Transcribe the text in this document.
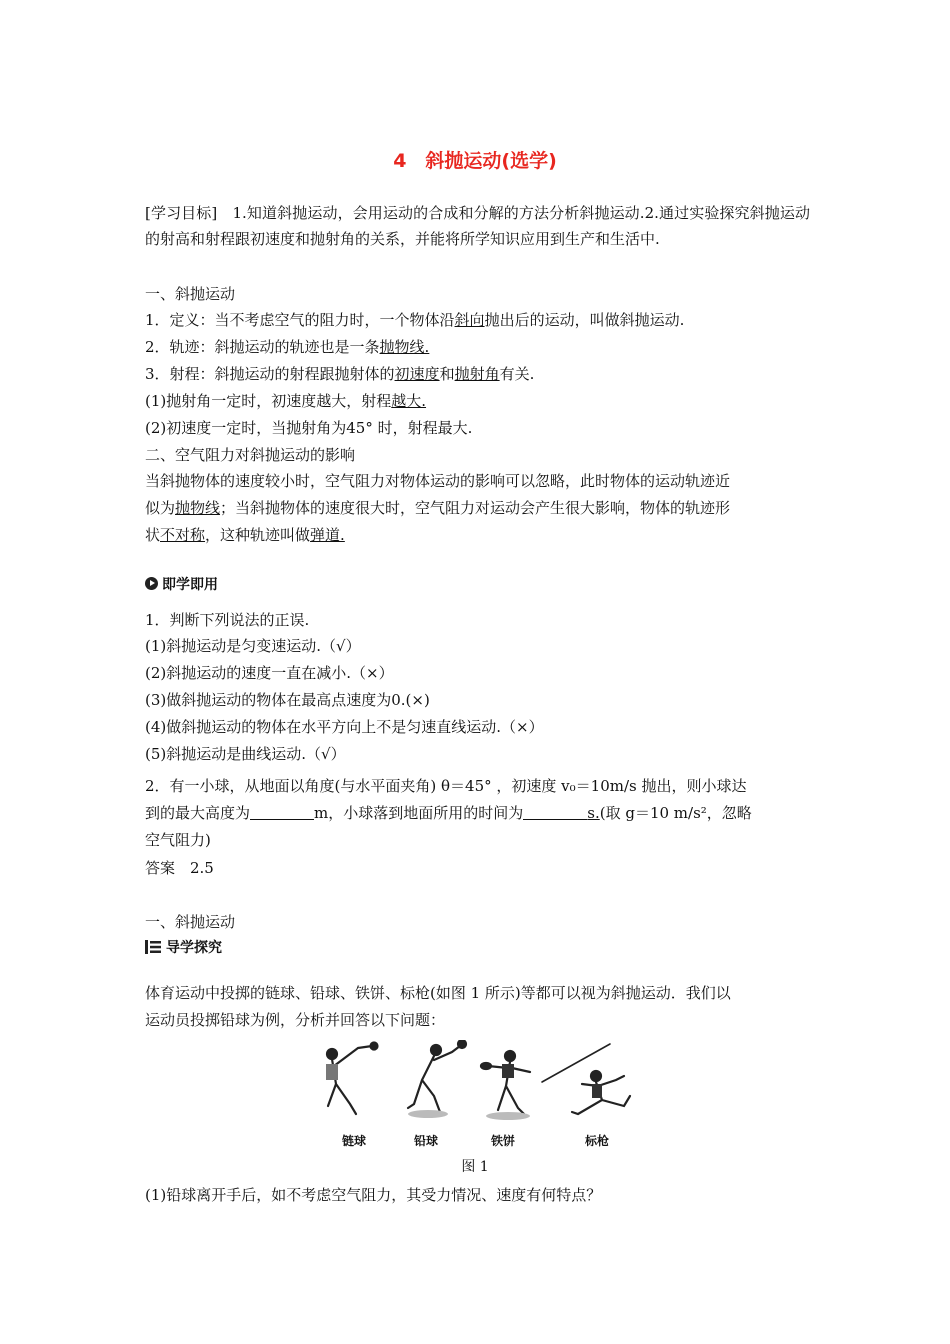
4　斜抛运动(选学)
[学习目标]　1.知道斜抛运动，会用运动的合成和分解的方法分析斜抛运动.2.通过实验探究斜抛运动的射高和射程跟初速度和抛射角的关系，并能将所学知识应用到生产和生活中.
一、斜抛运动
1．定义：当不考虑空气的阻力时，一个物体沿斜向抛出后的运动，叫做斜抛运动.
2．轨迹：斜抛运动的轨迹也是一条抛物线.
3．射程：斜抛运动的射程跟抛射体的初速度和抛射角有关.
(1)抛射角一定时，初速度越大，射程越大.
(2)初速度一定时，当抛射角为45° 时，射程最大.
二、空气阻力对斜抛运动的影响
当斜抛物体的速度较小时，空气阻力对物体运动的影响可以忽略，此时物体的运动轨迹近
似为抛物线；当斜抛物体的速度很大时，空气阻力对运动会产生很大影响，物体的轨迹形
状不对称，这种轨迹叫做弹道.
即学即用
1．判断下列说法的正误.
(1)斜抛运动是匀变速运动.（√）
(2)斜抛运动的速度一直在减小.（×）
(3)做斜抛运动的物体在最高点速度为0.(×)
(4)做斜抛运动的物体在水平方向上不是匀速直线运动.（×）
(5)斜抛运动是曲线运动.（√）
2．有一小球，从地面以角度(与水平面夹角) θ＝45° ，初速度 v₀＝10m/s 抛出，则小球达
到的最大高度为	m，小球落到地面所用的时间为	s.(取 g＝10 m/s²，忽略
空气阻力)
答案　2.5
一、斜抛运动
导学探究
体育运动中投掷的链球、铅球、铁饼、标枪(如图 1 所示)等都可以视为斜抛运动．我们以
运动员投掷铅球为例，分析并回答以下问题：
链球	铅球	铁饼	标枪
图 1
(1)铅球离开手后，如不考虑空气阻力，其受力情况、速度有何特点？
